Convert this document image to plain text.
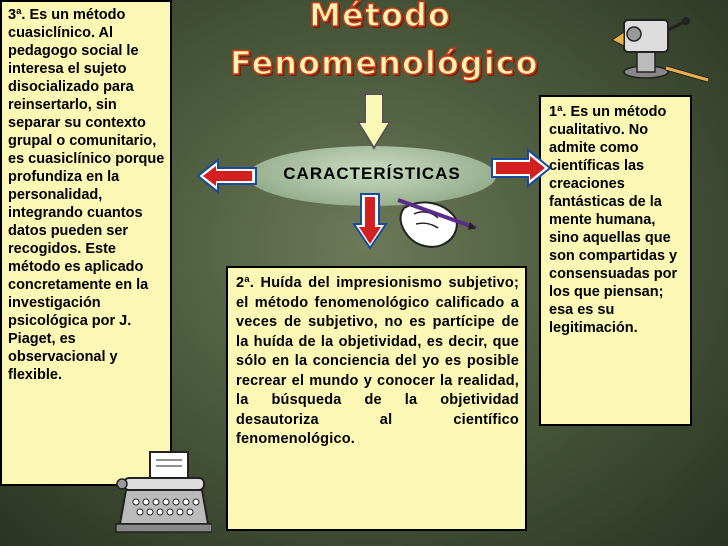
Método
Fenomenológico
3ª. Es un método cuasiclínico. Al pedagogo social le interesa el sujeto disocializado para reinsertarlo, sin separar su contexto grupal o comunitario, es cuasiclínico porque profundiza en la personalidad, integrando cuantos datos pueden ser recogidos. Este método es aplicado concretamente en la investigación psicológica por J. Piaget, es observacional y flexible.
1ª. Es un método cualitativo. No admite como científicas las creaciones fantásticas de la mente humana, sino aquellas que son compartidas y consensuadas por los que piensan; esa es su legitimación.
2ª. Huída del impresionismo subjetivo; el método fenomenológico calificado a veces de subjetivo, no es partícipe de la huída de la objetividad, es decir, que sólo en la conciencia del yo es posible recrear el mundo y conocer la realidad, la búsqueda de la objetividad desautoriza al científico fenomenológico.
CARACTERÍSTICAS
